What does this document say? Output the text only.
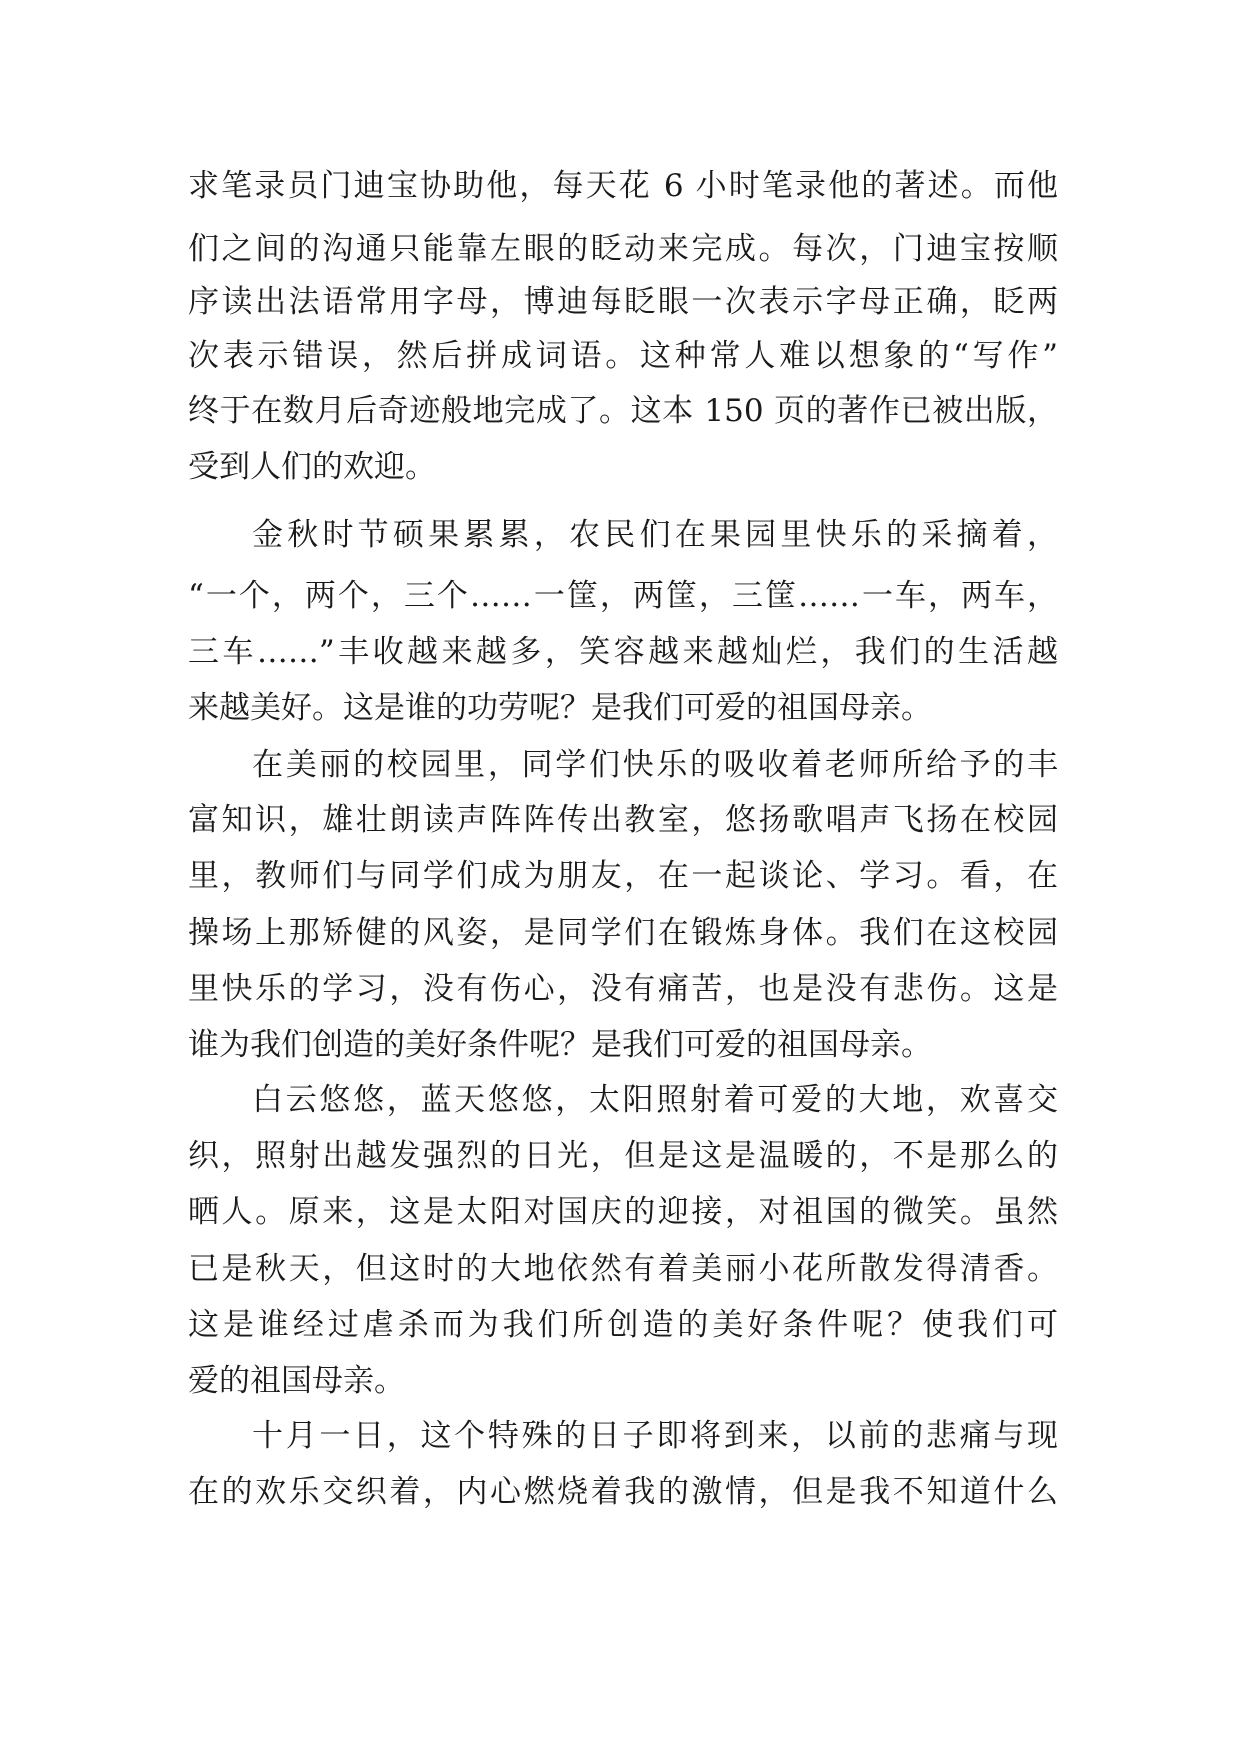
求笔录员门迪宝协助他，每天花 6 小时笔录他的著述。而他
们之间的沟通只能靠左眼的眨动来完成。每次，门迪宝按顺
序读出法语常用字母，博迪每眨眼一次表示字母正确，眨两
次表示错误，然后拼成词语。这种常人难以想象的“写作”
终于在数月后奇迹般地完成了。这本 150 页的著作已被出版，
受到人们的欢迎。
金秋时节硕果累累，农民们在果园里快乐的采摘着，
“一个，两个，三个……一筐，两筐，三筐……一车，两车，
三车……”丰收越来越多，笑容越来越灿烂，我们的生活越
来越美好。这是谁的功劳呢？是我们可爱的祖国母亲。
在美丽的校园里，同学们快乐的吸收着老师所给予的丰
富知识，雄壮朗读声阵阵传出教室，悠扬歌唱声飞扬在校园
里，教师们与同学们成为朋友，在一起谈论、学习。看，在
操场上那矫健的风姿，是同学们在锻炼身体。我们在这校园
里快乐的学习，没有伤心，没有痛苦，也是没有悲伤。这是
谁为我们创造的美好条件呢？是我们可爱的祖国母亲。
白云悠悠，蓝天悠悠，太阳照射着可爱的大地，欢喜交
织，照射出越发强烈的日光，但是这是温暖的，不是那么的
晒人。原来，这是太阳对国庆的迎接，对祖国的微笑。虽然
已是秋天，但这时的大地依然有着美丽小花所散发得清香。
这是谁经过虐杀而为我们所创造的美好条件呢？使我们可
爱的祖国母亲。
十月一日，这个特殊的日子即将到来，以前的悲痛与现
在的欢乐交织着，内心燃烧着我的激情，但是我不知道什么
